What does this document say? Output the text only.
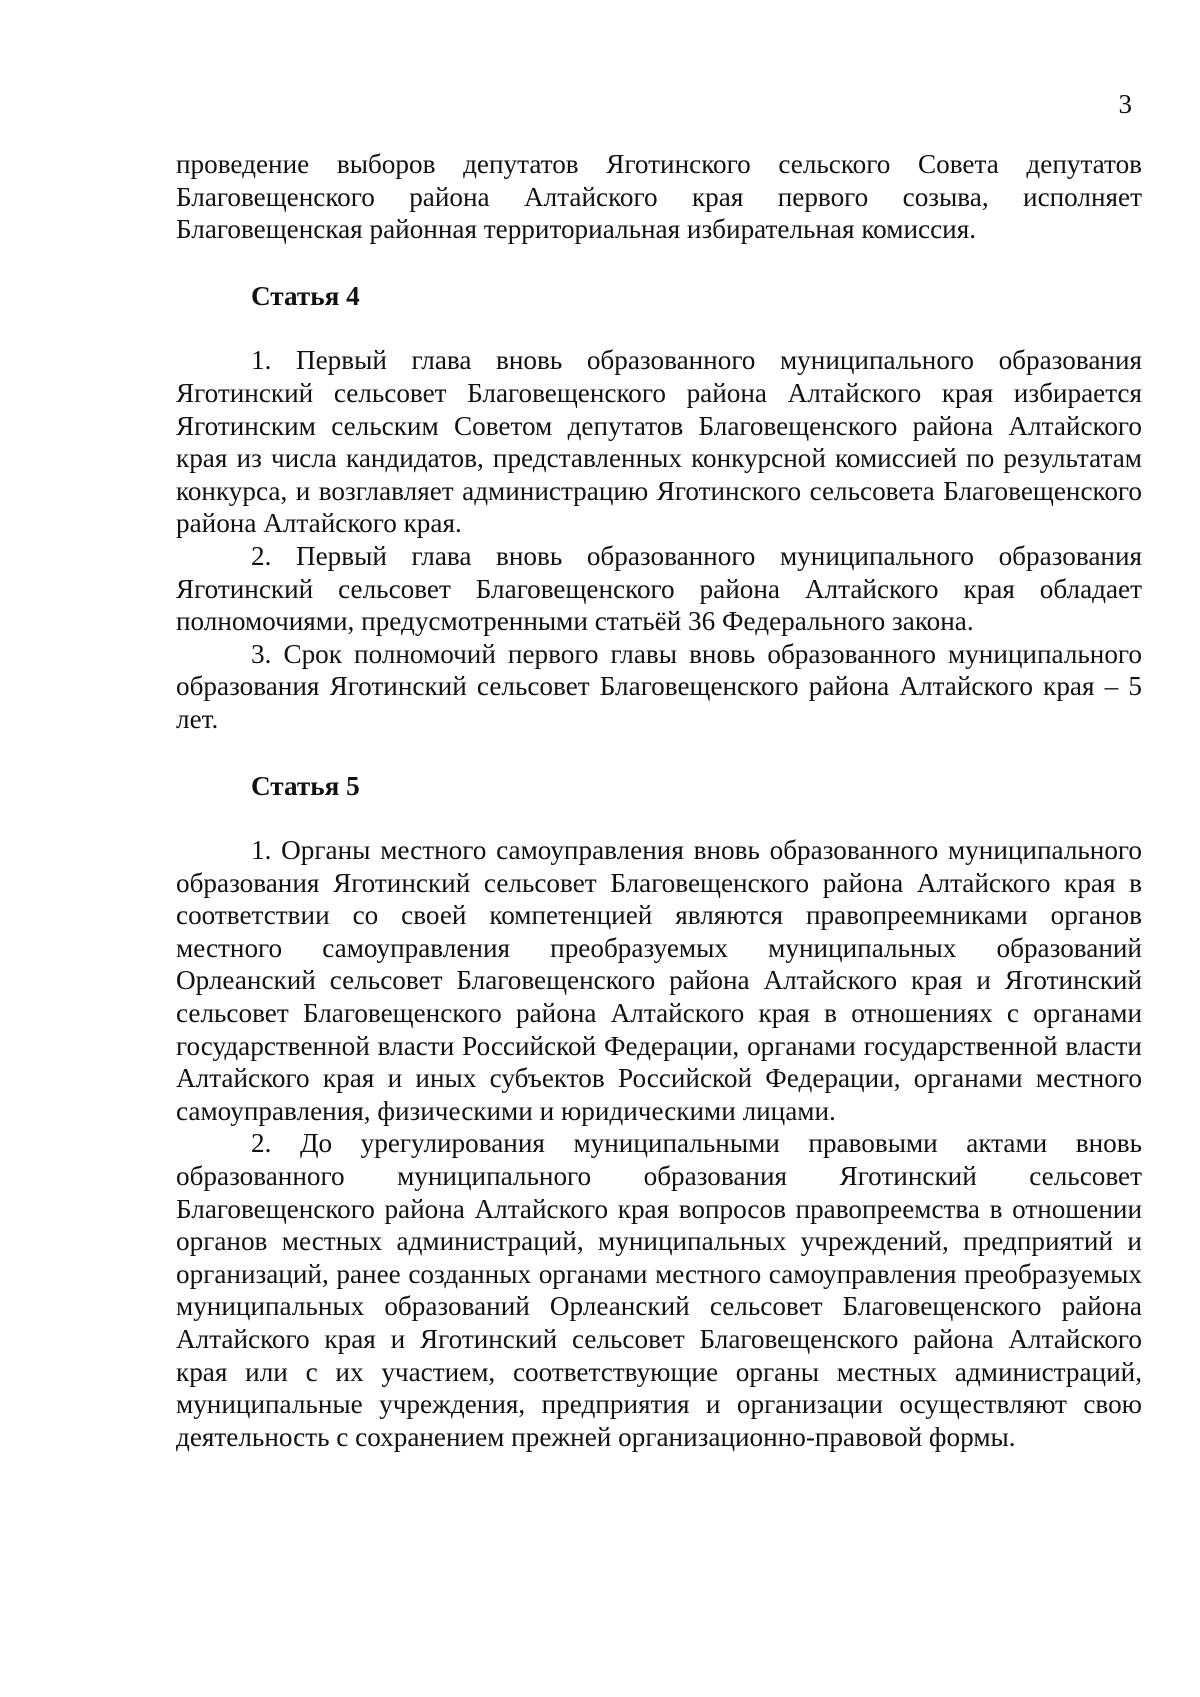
3

проведение выборов депутатов Яготинского сельского Совета депутатов Благовещенского района Алтайского края первого созыва, исполняет Благовещенская районная территориальная избирательная комиссия.

Статья 4

1. Первый глава вновь образованного муниципального образования Яготинский сельсовет Благовещенского района Алтайского края избирается Яготинским сельским Советом депутатов Благовещенского района Алтайского края из числа кандидатов, представленных конкурсной комиссией по результатам конкурса, и возглавляет администрацию Яготинского сельсовета Благовещенского района Алтайского края.

2. Первый глава вновь образованного муниципального образования Яготинский сельсовет Благовещенского района Алтайского края обладает полномочиями, предусмотренными статьёй 36 Федерального закона.

3. Срок полномочий первого главы вновь образованного муниципального образования Яготинский сельсовет Благовещенского района Алтайского края – 5 лет.

Статья 5

1. Органы местного самоуправления вновь образованного муниципального образования Яготинский сельсовет Благовещенского района Алтайского края в соответствии со своей компетенцией являются правопреемниками органов местного самоуправления преобразуемых муниципальных образований Орлеанский сельсовет Благовещенского района Алтайского края и Яготинский сельсовет Благовещенского района Алтайского края в отношениях с органами государственной власти Российской Федерации, органами государственной власти Алтайского края и иных субъектов Российской Федерации, органами местного самоуправления, физическими и юридическими лицами.

2. До урегулирования муниципальными правовыми актами вновь образованного муниципального образования Яготинский сельсовет Благовещенского района Алтайского края вопросов правопреемства в отношении органов местных администраций, муниципальных учреждений, предприятий и организаций, ранее созданных органами местного самоуправления преобразуемых муниципальных образований Орлеанский сельсовет Благовещенского района Алтайского края и Яготинский сельсовет Благовещенского района Алтайского края или с их участием, соответствующие органы местных администраций, муниципальные учреждения, предприятия и организации осуществляют свою деятельность с сохранением прежней организационно-правовой формы.
